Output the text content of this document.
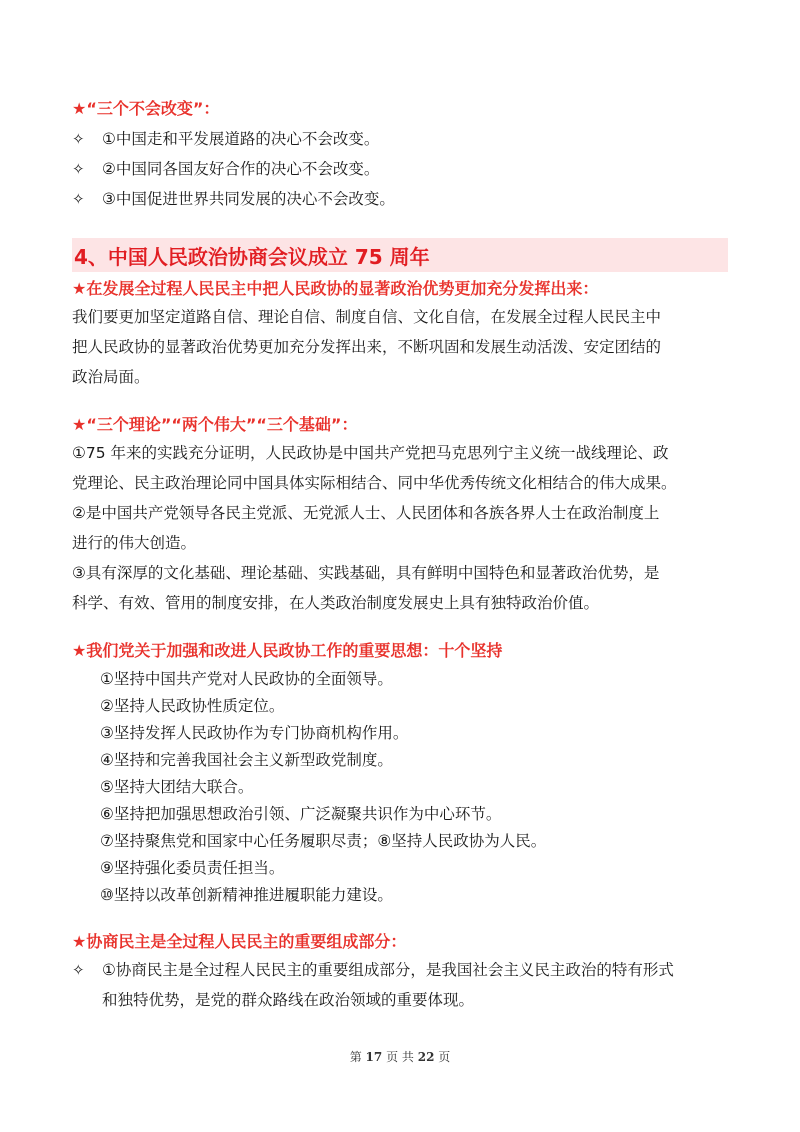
★“三个不会改变”：

✧	①中国走和平发展道路的决心不会改变。

✧	②中国同各国友好合作的决心不会改变。

✧	③中国促进世界共同发展的决心不会改变。

4、中国人民政治协商会议成立 75 周年

★在发展全过程人民民主中把人民政协的显著政治优势更加充分发挥出来：

我们要更加坚定道路自信、理论自信、制度自信、文化自信，在发展全过程人民民主中

把人民政协的显著政治优势更加充分发挥出来，不断巩固和发展生动活泼、安定团结的

政治局面。

★“三个理论”“两个伟大”“三个基础”：

①75 年来的实践充分证明，人民政协是中国共产党把马克思列宁主义统一战线理论、政

党理论、民主政治理论同中国具体实际相结合、同中华优秀传统文化相结合的伟大成果。

②是中国共产党领导各民主党派、无党派人士、人民团体和各族各界人士在政治制度上

进行的伟大创造。

③具有深厚的文化基础、理论基础、实践基础，具有鲜明中国特色和显著政治优势，是

科学、有效、管用的制度安排，在人类政治制度发展史上具有独特政治价值。

★我们党关于加强和改进人民政协工作的重要思想：十个坚持

①坚持中国共产党对人民政协的全面领导。

②坚持人民政协性质定位。

③坚持发挥人民政协作为专门协商机构作用。

④坚持和完善我国社会主义新型政党制度。

⑤坚持大团结大联合。

⑥坚持把加强思想政治引领、广泛凝聚共识作为中心环节。

⑦坚持聚焦党和国家中心任务履职尽责；⑧坚持人民政协为人民。

⑨坚持强化委员责任担当。

⑩坚持以改革创新精神推进履职能力建设。

★协商民主是全过程人民民主的重要组成部分：

✧	①协商民主是全过程人民民主的重要组成部分，是我国社会主义民主政治的特有形式

和独特优势，是党的群众路线在政治领域的重要体现。

第 17 页 共 22 页
